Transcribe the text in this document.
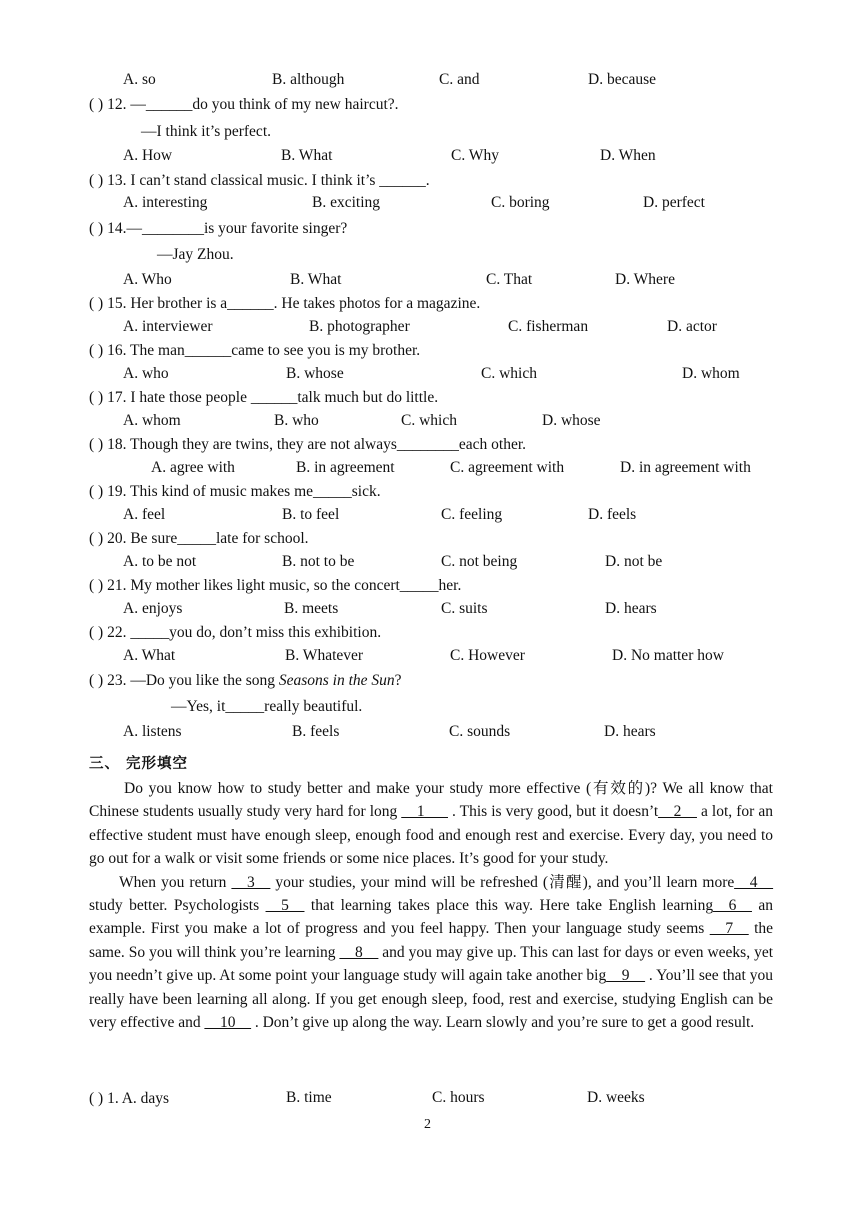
A. so	B. although	C. and	D. because
( ) 12. —______do you think of my new haircut?.
—I think it’s perfect.
A. How	B. What	C. Why	D. When
( ) 13. I can’t stand classical music. I think it’s ______.
A. interesting	B. exciting	C. boring	D. perfect
( ) 14.—________is your favorite singer?
—Jay Zhou.
A. Who	B. What	C. That	D. Where
( ) 15. Her brother is a______. He takes photos for a magazine.
A. interviewer	B. photographer	C. fisherman	D. actor
( ) 16. The man______came to see you is my brother.
A. who	B. whose	C. which	D. whom
( ) 17. I hate those people ______talk much but do little.
A. whom	B. who	C. which	D. whose
( ) 18. Though they are twins, they are not always________each other.
A. agree with	B. in agreement	C. agreement with	D. in agreement with
( ) 19. This kind of music makes me_____sick.
A. feel	B. to feel	C. feeling	D. feels
( ) 20. Be sure_____late for school.
A. to be not	B. not to be	C. not being	D. not be
( ) 21. My mother likes light music, so the concert_____her.
A. enjoys	B. meets	C. suits	D. hears
( ) 22. _____you do, don’t miss this exhibition.
A. What	B. Whatever	C. However	D. No matter how
( ) 23. —Do you like the song Seasons in the Sun?
—Yes, it_____really beautiful.
A. listens	B. feels	C. sounds	D. hears
三、 完形填空

Do you know how to study better and make your study more effective (有效的)? We all know that Chinese students usually study very hard for long __1___ . This is very good, but it doesn’t__2__ a lot, for an effective student must have enough sleep, enough food and enough rest and exercise. Every day, you need to go out for a walk or visit some friends or some nice places. It’s good for your study.

When you return __3__ your studies, your mind will be refreshed (清醒), and you’ll learn more__4__ study better. Psychologists __5__ that learning takes place this way. Here take English learning__6__ an example. First you make a lot of progress and you feel happy. Then your language study seems __7__ the same. So you will think you’re learning __8__ and you may give up. This can last for days or even weeks, yet you needn’t give up. At some point your language study will again take another big__9__ . You’ll see that you really have been learning all along. If you get enough sleep, food, rest and exercise, studying English can be very effective and __10__ . Don’t give up along the way. Learn slowly and you’re sure to get a good result.

( ) 1. A. days	B. time	C. hours	D. weeks
2
